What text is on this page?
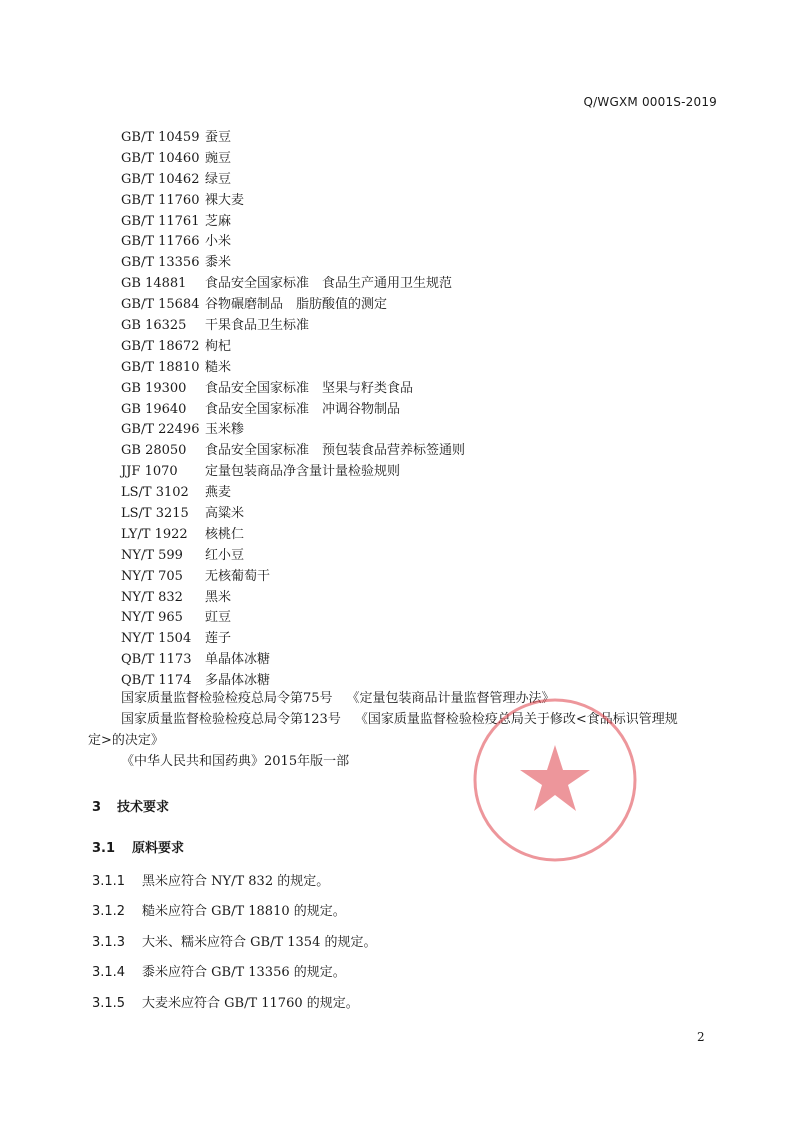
Q/WGXM 0001S-2019
GB/T 10459 蚕豆
GB/T 10460 豌豆
GB/T 10462 绿豆
GB/T 11760 裸大麦
GB/T 11761 芝麻
GB/T 11766 小米
GB/T 13356 黍米
GB 14881 食品安全国家标准　食品生产通用卫生规范
GB/T 15684 谷物碾磨制品　脂肪酸值的测定
GB 16325 干果食品卫生标准
GB/T 18672 枸杞
GB/T 18810 糙米
GB 19300 食品安全国家标准　坚果与籽类食品
GB 19640 食品安全国家标准　冲调谷物制品
GB/T 22496 玉米糁
GB 28050 食品安全国家标准　预包装食品营养标签通则
JJF 1070 定量包装商品净含量计量检验规则
LS/T 3102 燕麦
LS/T 3215 高粱米
LY/T 1922 核桃仁
NY/T 599 红小豆
NY/T 705 无核葡萄干
NY/T 832 黑米
NY/T 965 豇豆
NY/T 1504 莲子
QB/T 1173 单晶体冰糖
QB/T 1174 多晶体冰糖
国家质量监督检验检疫总局令第75号 《定量包装商品计量监督管理办法》
国家质量监督检验检疫总局令第123号 《国家质量监督检验检疫总局关于修改<食品标识管理规
定>的决定》
《中华人民共和国药典》2015年版一部
3 技术要求
3.1 原料要求
3.1.1 黑米应符合 NY/T 832 的规定。
3.1.2 糙米应符合 GB/T 18810 的规定。
3.1.3 大米、糯米应符合 GB/T 1354 的规定。
3.1.4 黍米应符合 GB/T 13356 的规定。
3.1.5 大麦米应符合 GB/T 11760 的规定。
2
